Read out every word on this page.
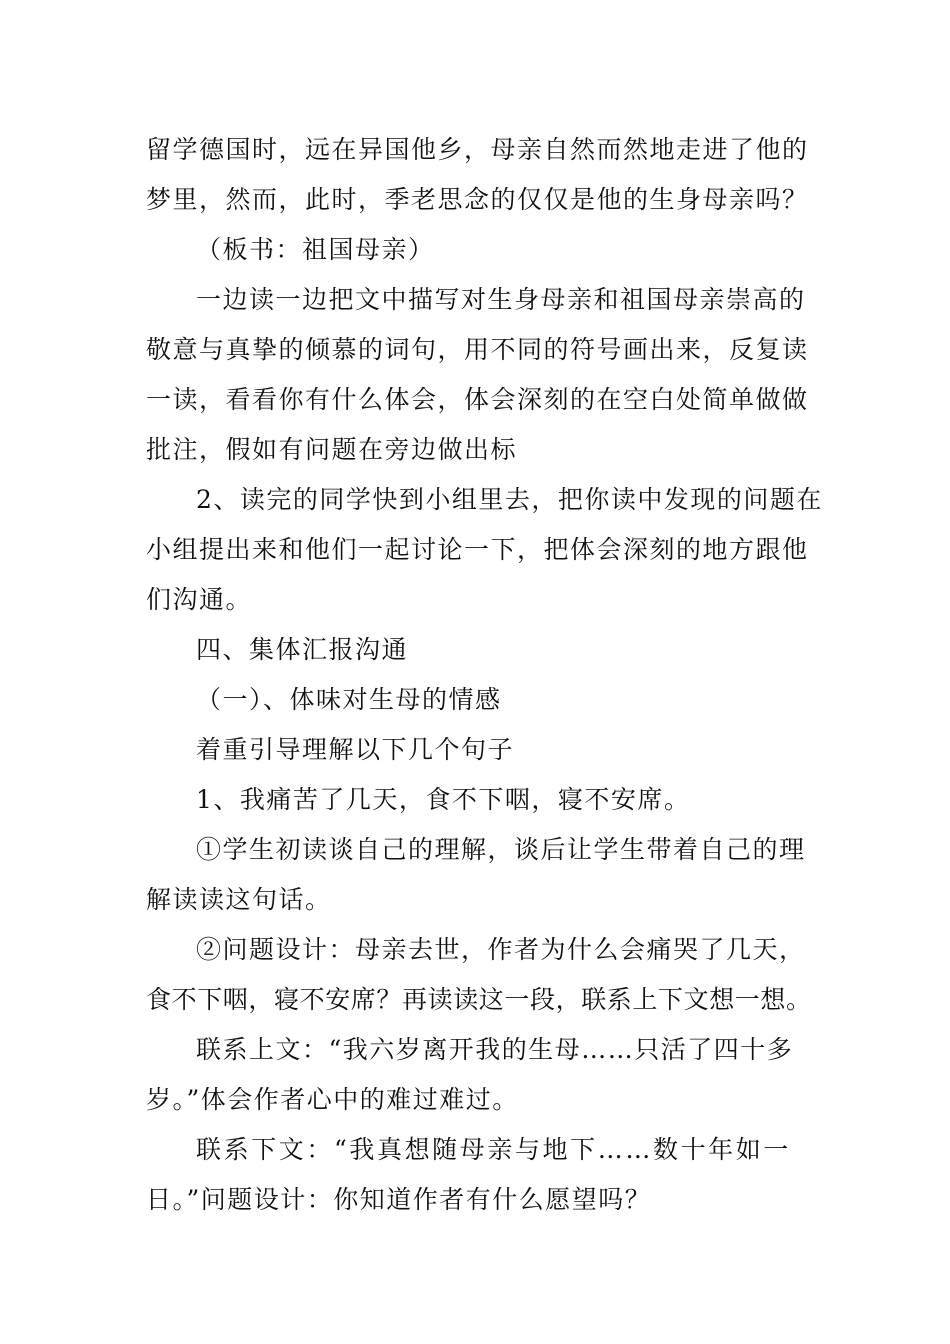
留学德国时，远在异国他乡，母亲自然而然地走进了他的
梦里，然而，此时，季老思念的仅仅是他的生身母亲吗？
（板书：祖国母亲）
一边读一边把文中描写对生身母亲和祖国母亲崇高的
敬意与真挚的倾慕的词句，用不同的符号画出来，反复读
一读，看看你有什么体会，体会深刻的在空白处简单做做
批注，假如有问题在旁边做出标
2、读完的同学快到小组里去，把你读中发现的问题在
小组提出来和他们一起讨论一下，把体会深刻的地方跟他
们沟通。
四、集体汇报沟通
（一）、体味对生母的情感
着重引导理解以下几个句子
1、我痛苦了几天，食不下咽，寝不安席。
①学生初读谈自己的理解，谈后让学生带着自己的理
解读读这句话。
②问题设计：母亲去世，作者为什么会痛哭了几天，
食不下咽，寝不安席？再读读这一段，联系上下文想一想。
联系上文：“我六岁离开我的生母……只活了四十多
岁。”体会作者心中的难过难过。
联系下文：“我真想随母亲与地下……数十年如一
日。”问题设计：你知道作者有什么愿望吗？
